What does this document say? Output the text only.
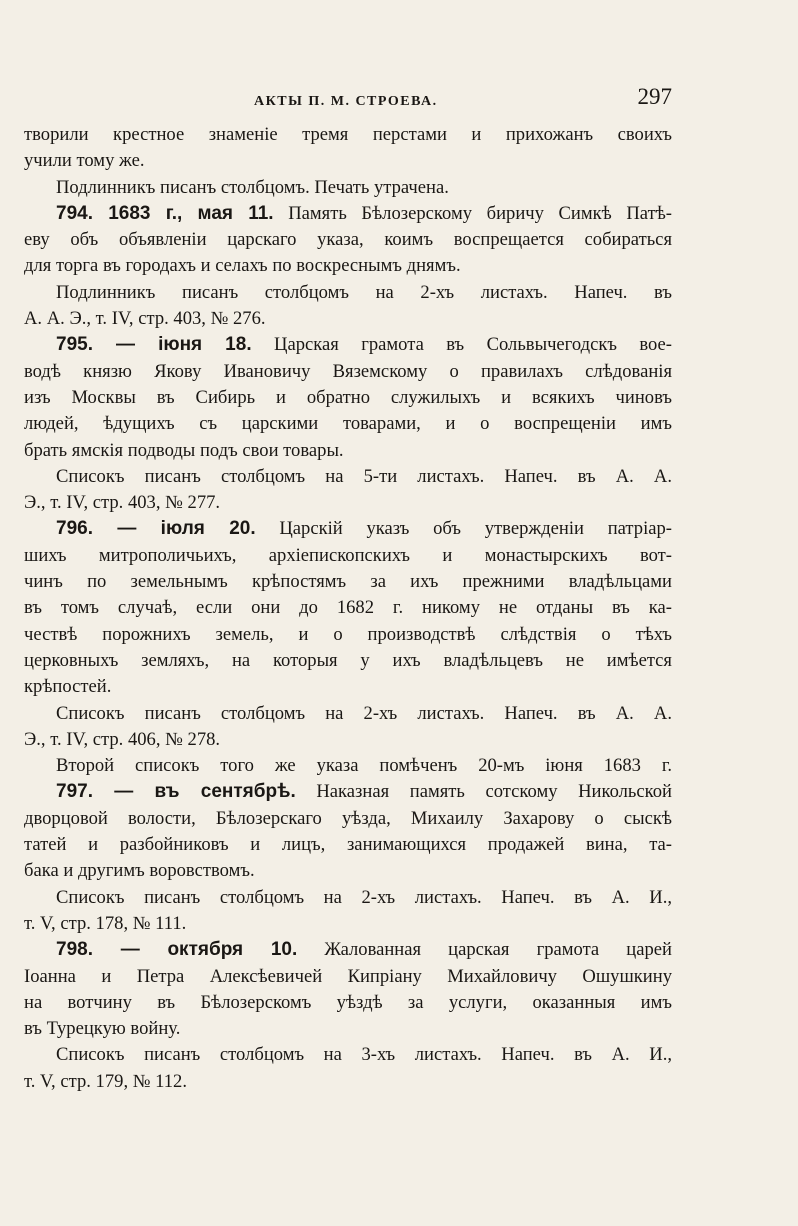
АКТЫ П. М. СТРОЕВА.	297
творили крестное знаменіе тремя перстами и прихожанъ своихъ
учили тому же.
Подлинникъ писанъ столбцомъ. Печать утрачена.
794. 1683 г., мая 11. Память Бѣлозерскому биричу Симкѣ Патѣ-
еву объ объявленіи царскаго указа, коимъ воспрещается собираться
для торга въ городахъ и селахъ по воскреснымъ днямъ.
Подлинникъ писанъ столбцомъ на 2-хъ листахъ. Напеч. въ
А. А. Э., т. IV, стр. 403, № 276.
795. — іюня 18. Царская грамота въ Сольвычегодскъ вое-
водѣ князю Якову Ивановичу Вяземскому о правилахъ слѣдованія
изъ Москвы въ Сибирь и обратно служилыхъ и всякихъ чиновъ
людей, ѣдущихъ съ царскими товарами, и о воспрещеніи имъ
брать ямскія подводы подъ свои товары.
Списокъ писанъ столбцомъ на 5-ти листахъ. Напеч. въ А. А.
Э., т. IV, стр. 403, № 277.
796. — іюля 20. Царскій указъ объ утвержденіи патріар-
шихъ митрополичьихъ, архіепископскихъ и монастырскихъ вот-
чинъ по земельнымъ крѣпостямъ за ихъ прежними владѣльцами
въ томъ случаѣ, если они до 1682 г. никому не отданы въ ка-
чествѣ порожнихъ земель, и о производствѣ слѣдствія о тѣхъ
церковныхъ земляхъ, на которыя у ихъ владѣльцевъ не имѣется
крѣпостей.
Списокъ писанъ столбцомъ на 2-хъ листахъ. Напеч. въ А. А.
Э., т. IV, стр. 406, № 278.
Второй списокъ того же указа помѣченъ 20-мъ іюня 1683 г.
797. — въ сентябрѣ. Наказная память сотскому Никольской
дворцовой волости, Бѣлозерскаго уѣзда, Михаилу Захарову о сыскѣ
татей и разбойниковъ и лицъ, занимающихся продажей вина, та-
бака и другимъ воровствомъ.
Списокъ писанъ столбцомъ на 2-хъ листахъ. Напеч. въ А. И.,
т. V, стр. 178, № 111.
798. — октября 10. Жалованная царская грамота царей
Іоанна и Петра Алексѣевичей Кипріану Михайловичу Ошушкину
на вотчину въ Бѣлозерскомъ уѣздѣ за услуги, оказанныя имъ
въ Турецкую войну.
Списокъ писанъ столбцомъ на 3-хъ листахъ. Напеч. въ А. И.,
т. V, стр. 179, № 112.
